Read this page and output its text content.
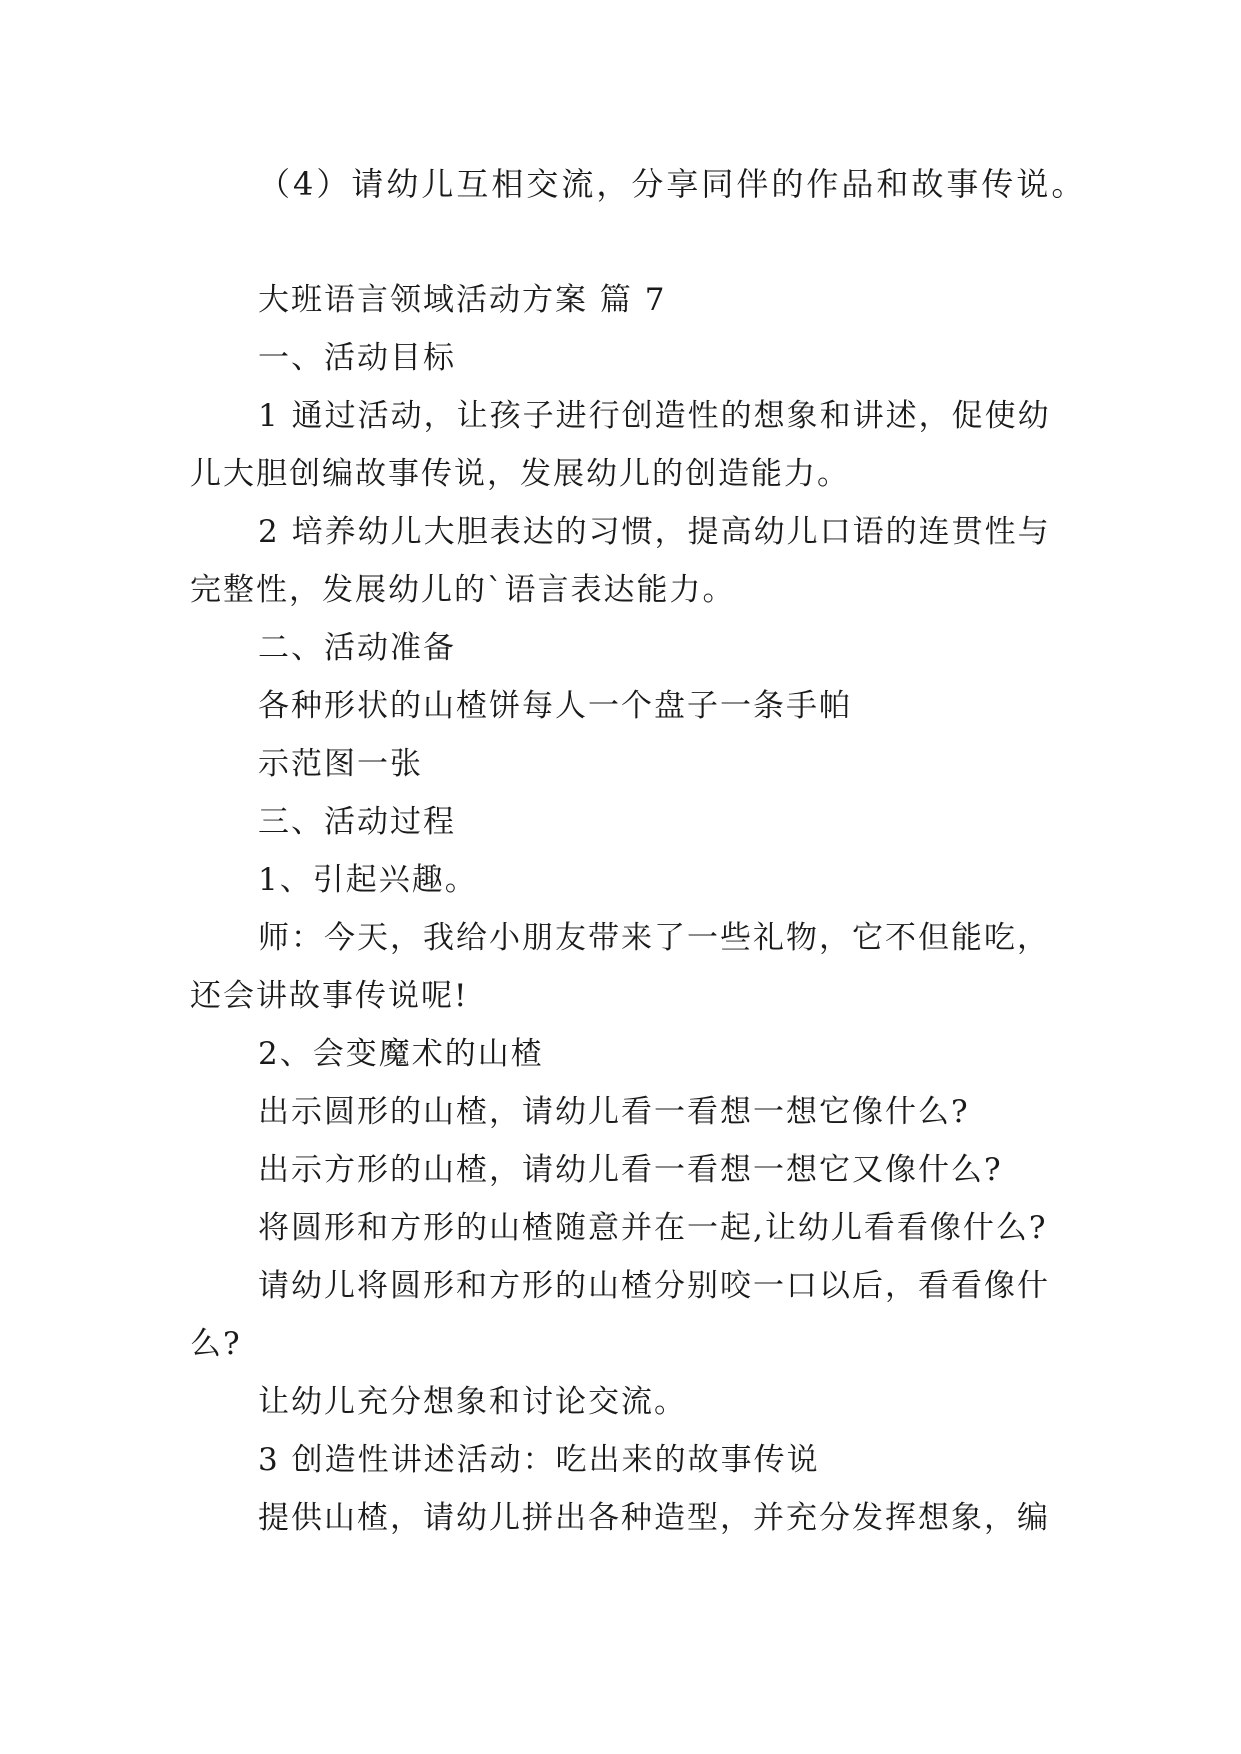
（4）请幼儿互相交流，分享同伴的作品和故事传说。
大班语言领域活动方案 篇 7
一、活动目标
1 通过活动，让孩子进行创造性的想象和讲述，促使幼
儿大胆创编故事传说，发展幼儿的创造能力。
2 培养幼儿大胆表达的习惯，提高幼儿口语的连贯性与
完整性，发展幼儿的`语言表达能力。
二、活动准备
各种形状的山楂饼每人一个盘子一条手帕
示范图一张
三、活动过程
1、引起兴趣。
师：今天，我给小朋友带来了一些礼物，它不但能吃，
还会讲故事传说呢!
2、会变魔术的山楂
出示圆形的山楂，请幼儿看一看想一想它像什么?
出示方形的山楂，请幼儿看一看想一想它又像什么?
将圆形和方形的山楂随意并在一起,让幼儿看看像什么?
请幼儿将圆形和方形的山楂分别咬一口以后，看看像什
么?
让幼儿充分想象和讨论交流。
3 创造性讲述活动：吃出来的故事传说
提供山楂，请幼儿拼出各种造型，并充分发挥想象，编
